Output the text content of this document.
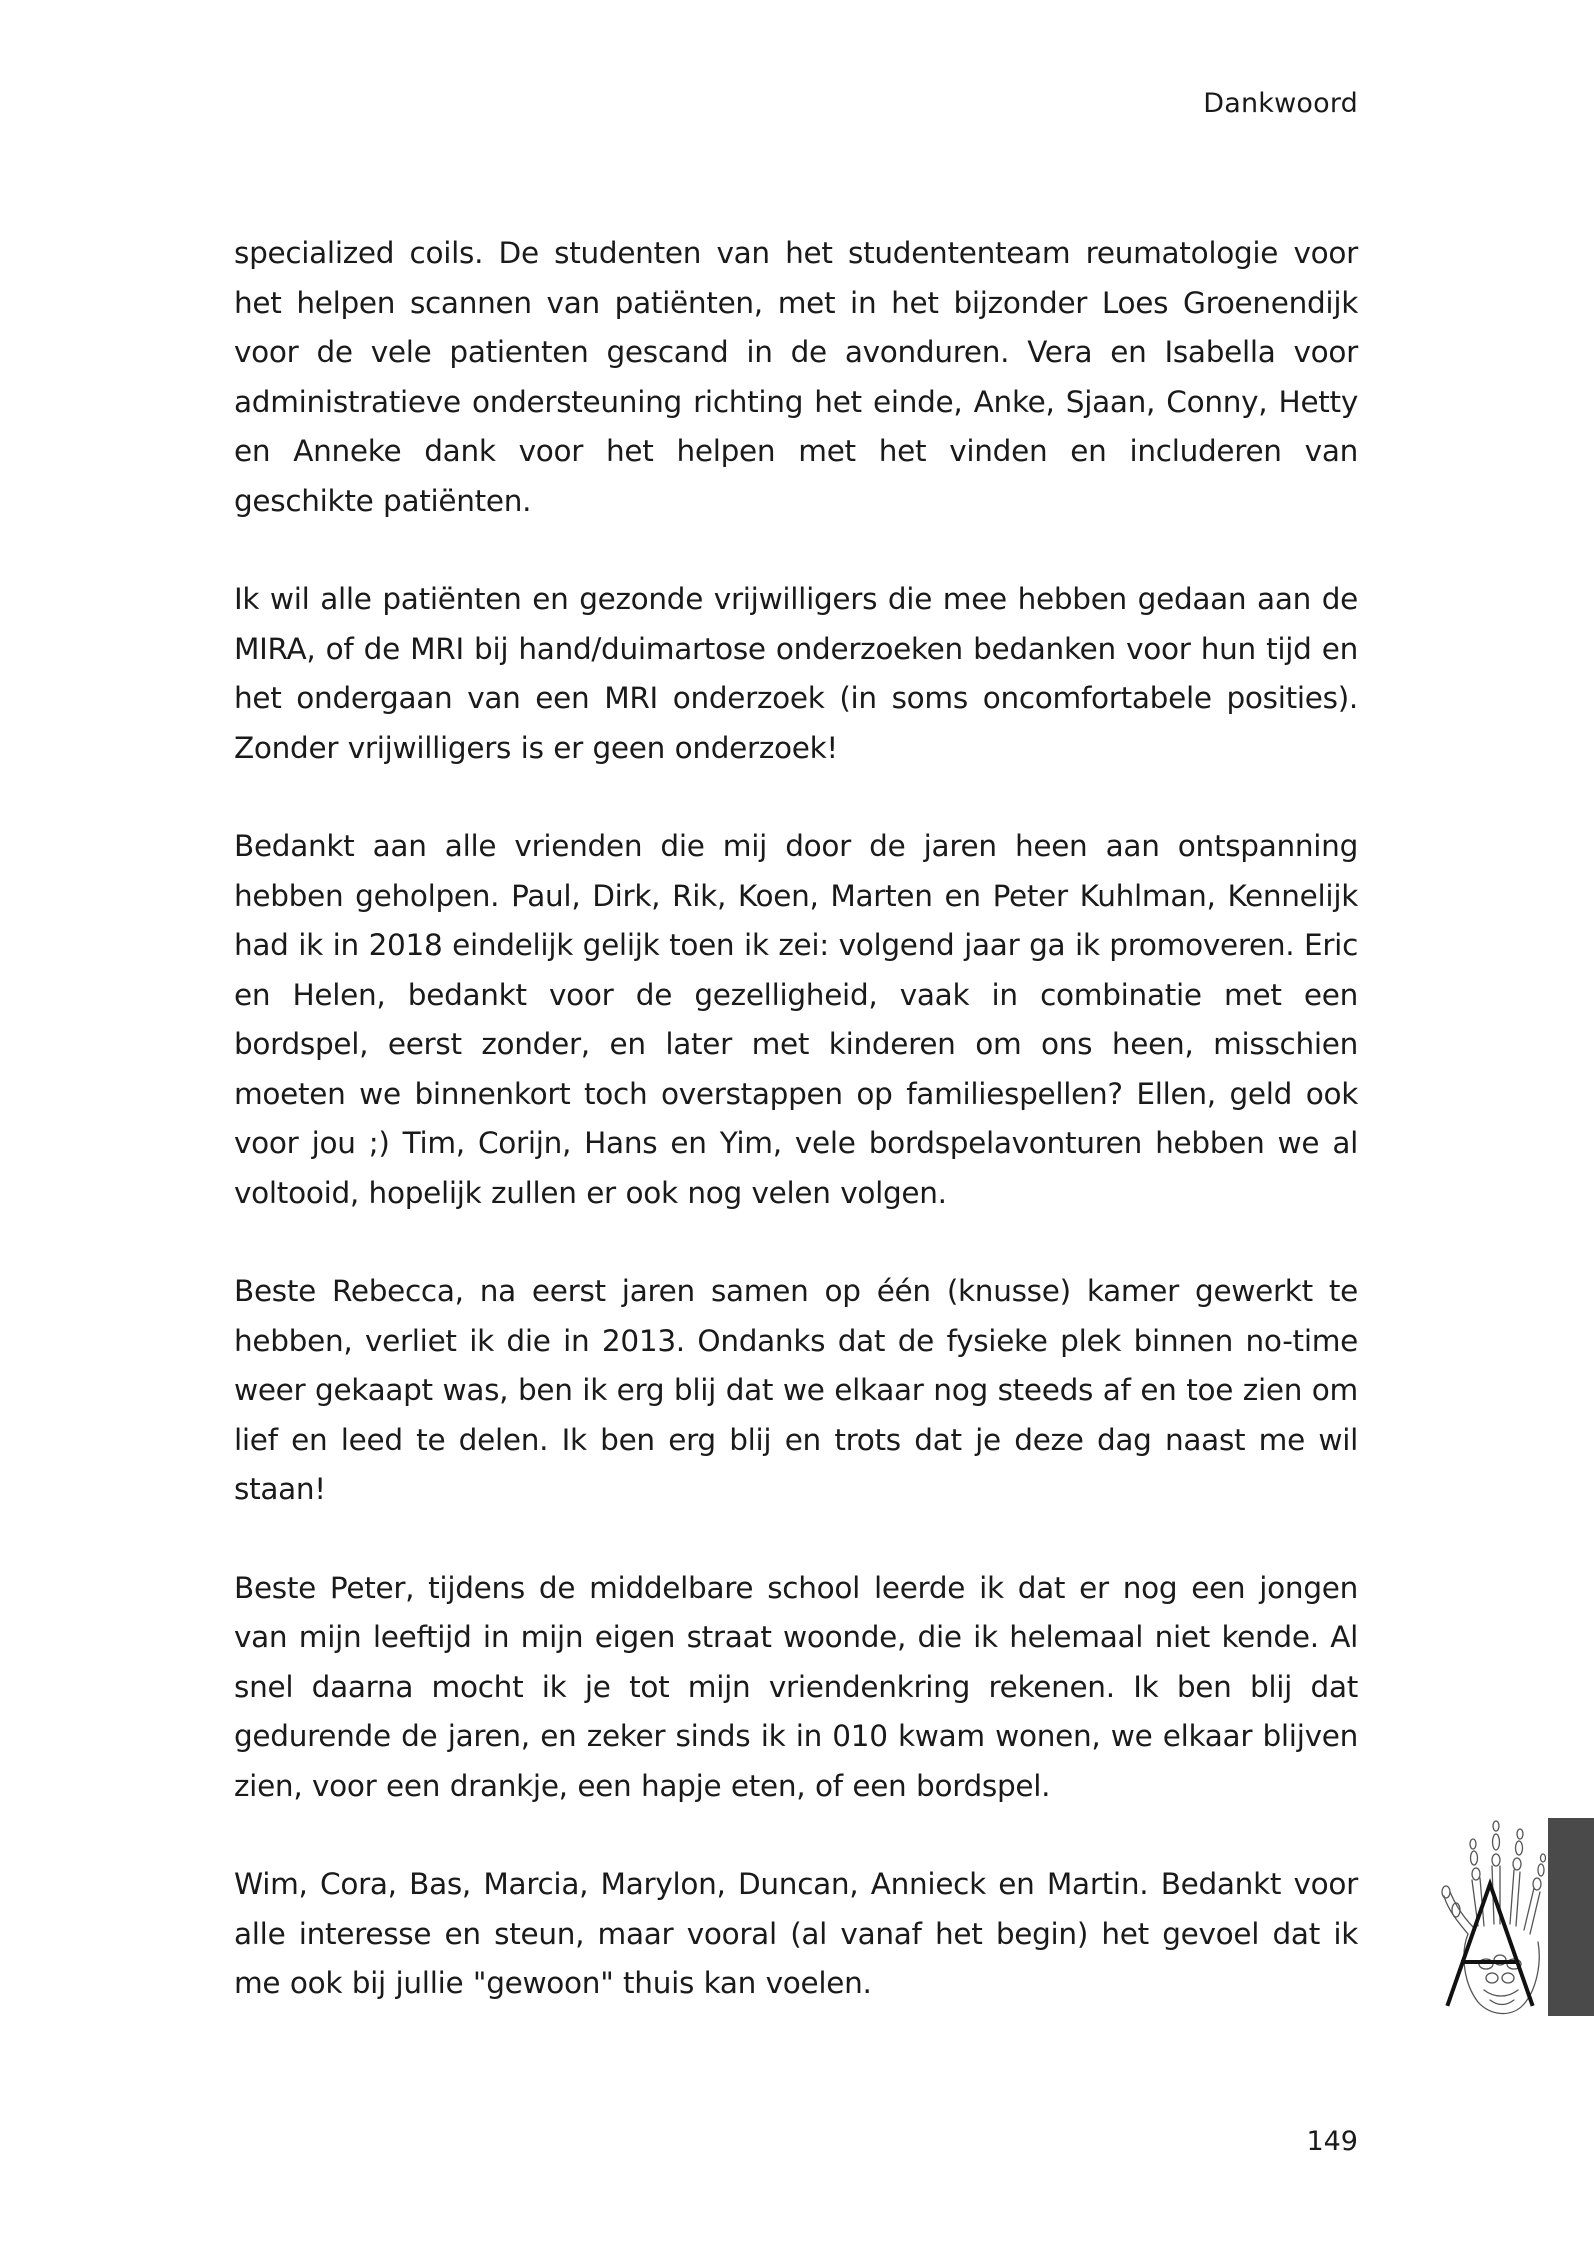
Dankwoord

specialized coils. De studenten van het studententeam reumatologie voor het helpen scannen van patiënten, met in het bijzonder Loes Groenendijk voor de vele patienten gescand in de avonduren. Vera en Isabella voor administratieve ondersteuning richting het einde, Anke, Sjaan, Conny, Hetty en Anneke dank voor het helpen met het vinden en includeren van geschikte patiënten.

Ik wil alle patiënten en gezonde vrijwilligers die mee hebben gedaan aan de MIRA, of de MRI bij hand/duimartose onderzoeken bedanken voor hun tijd en het ondergaan van een MRI onderzoek (in soms oncomfortabele posities). Zonder vrijwilligers is er geen onderzoek!

Bedankt aan alle vrienden die mij door de jaren heen aan ontspanning hebben geholpen. Paul, Dirk, Rik, Koen, Marten en Peter Kuhlman, Kennelijk had ik in 2018 eindelijk gelijk toen ik zei: volgend jaar ga ik promoveren. Eric en Helen, bedankt voor de gezelligheid, vaak in combinatie met een bordspel, eerst zonder, en later met kinderen om ons heen, misschien moeten we binnenkort toch overstappen op familiespellen? Ellen, geld ook voor jou ;) Tim, Corijn, Hans en Yim, vele bordspelavonturen hebben we al voltooid, hopelijk zullen er ook nog velen volgen.

Beste Rebecca, na eerst jaren samen op één (knusse) kamer gewerkt te hebben, verliet ik die in 2013. Ondanks dat de fysieke plek binnen no-time weer gekaapt was, ben ik erg blij dat we elkaar nog steeds af en toe zien om lief en leed te delen. Ik ben erg blij en trots dat je deze dag naast me wil staan!

Beste Peter, tijdens de middelbare school leerde ik dat er nog een jongen van mijn leeftijd in mijn eigen straat woonde, die ik helemaal niet kende. Al snel daarna mocht ik je tot mijn vriendenkring rekenen. Ik ben blij dat gedurende de jaren, en zeker sinds ik in 010 kwam wonen, we elkaar blijven zien, voor een drankje, een hapje eten, of een bordspel.

Wim, Cora, Bas, Marcia, Marylon, Duncan, Annieck en Martin. Bedankt voor alle interesse en steun, maar vooral (al vanaf het begin) het gevoel dat ik me ook bij jullie "gewoon" thuis kan voelen.

149
